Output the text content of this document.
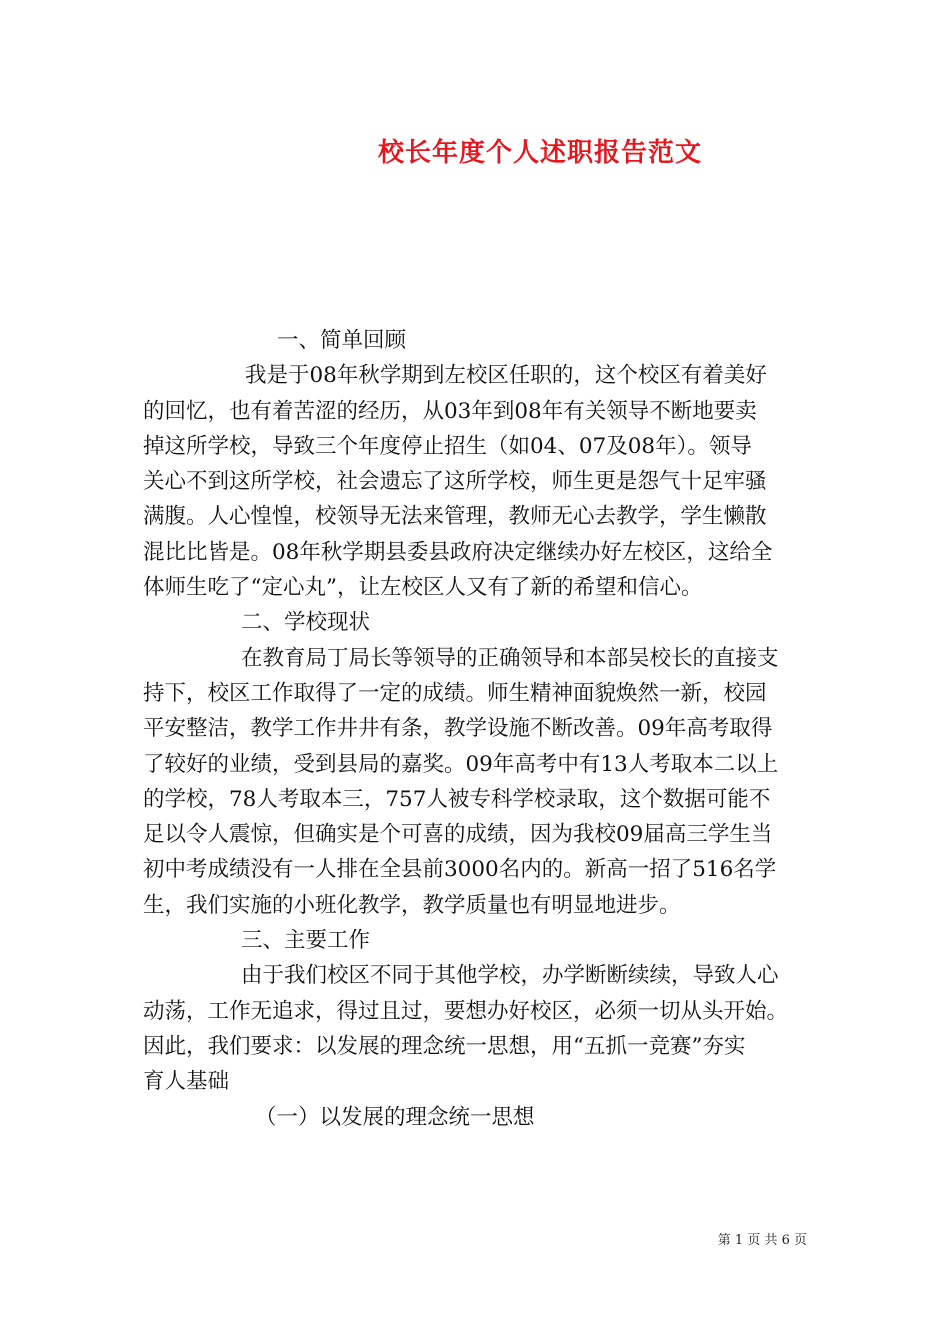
校长年度个人述职报告范文
一、简单回顾
我是于08年秋学期到左校区任职的，这个校区有着美好
的回忆，也有着苦涩的经历，从03年到08年有关领导不断地要卖
掉这所学校，导致三个年度停止招生（如04、07及08年）。领导
关心不到这所学校，社会遗忘了这所学校，师生更是怨气十足牢骚
满腹。人心惶惶，校领导无法来管理，教师无心去教学，学生懒散
混比比皆是。08年秋学期县委县政府决定继续办好左校区，这给全
体师生吃了“定心丸”，让左校区人又有了新的希望和信心。
二、学校现状
在教育局丁局长等领导的正确领导和本部吴校长的直接支
持下，校区工作取得了一定的成绩。师生精神面貌焕然一新，校园
平安整洁，教学工作井井有条，教学设施不断改善。09年高考取得
了较好的业绩，受到县局的嘉奖。09年高考中有13人考取本二以上
的学校，78人考取本三，757人被专科学校录取，这个数据可能不
足以令人震惊，但确实是个可喜的成绩，因为我校09届高三学生当
初中考成绩没有一人排在全县前3000名内的。新高一招了516名学
生，我们实施的小班化教学，教学质量也有明显地进步。
三、主要工作
由于我们校区不同于其他学校，办学断断续续，导致人心
动荡，工作无追求，得过且过，要想办好校区，必须一切从头开始。
因此，我们要求：以发展的理念统一思想，用“五抓一竞赛”夯实
育人基础
（一）以发展的理念统一思想
第 1 页 共 6 页
